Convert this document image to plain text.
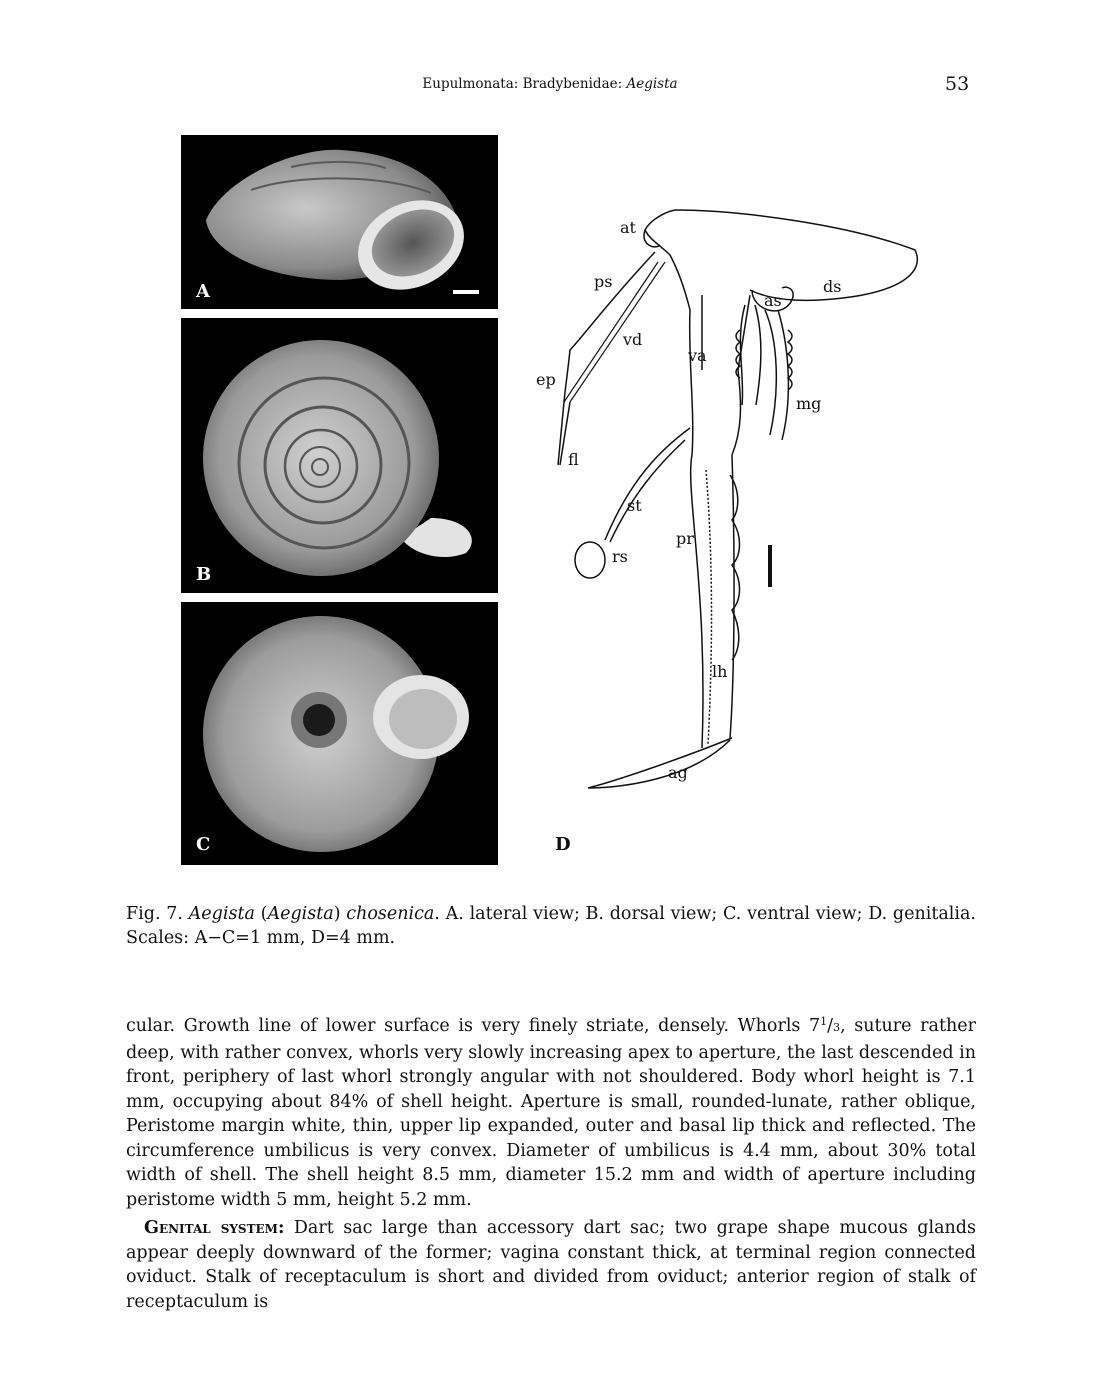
Eupulmonata: Bradybenidae: Aegista	53
A
B
C
at
ps
vd
ep
fl
as
ds
va
mg
st
rs
pr
lh
ag
D
Fig. 7. Aegista (Aegista) chosenica. A. lateral view; B. dorsal view; C. ventral view; D. genitalia. Scales: A−C=1 mm, D=4 mm.

cular. Growth line of lower surface is very finely striate, densely. Whorls $7^1/3$, suture rather deep, with rather convex, whorls very slowly increasing apex to aperture, the last descended in front, periphery of last whorl strongly angular with not shouldered. Body whorl height is 7.1 mm, occupying about 84% of shell height. Aperture is small, rounded-lunate, rather oblique, Peristome margin white, thin, upper lip expanded, outer and basal lip thick and reflected. The circumference umbilicus is very convex. Diameter of umbilicus is 4.4 mm, about 30% total width of shell. The shell height 8.5 mm, diameter 15.2 mm and width of aperture including peristome width 5 mm, height 5.2 mm.

Genital system: Dart sac large than accessory dart sac; two grape shape mucous glands appear deeply downward of the former; vagina constant thick, at terminal region connected oviduct. Stalk of receptaculum is short and divided from oviduct; anterior region of stalk of receptaculum is
